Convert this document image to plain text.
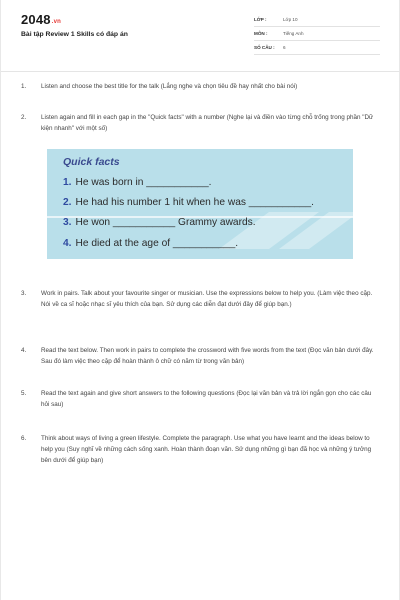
2048.vn
Bài tập Review 1 Skills có đáp án
LỚP :	Lớp 10
MÔN :	Tiếng Anh
SỐ CÂU : 6
1. Listen and choose the best title for the talk (Lắng nghe và chọn tiêu đề hay nhất cho bài nói)
2. Listen again and fill in each gap in the "Quick facts" with a number (Nghe lại và điền vào từng chỗ trống trong phần "Dữ kiện nhanh" với một số)
Quick facts
1. He was born in ___________.
2. He had his number 1 hit when he was ___________.
3. He won ___________ Grammy awards.
4. He died at the age of ___________.
3. Work in pairs. Talk about your favourite singer or musician. Use the expressions below to help you. (Làm việc theo cặp. Nói về ca sĩ hoặc nhạc sĩ yêu thích của bạn. Sử dụng các diễn đạt dưới đây để giúp bạn.)
4. Read the text below. Then work in pairs to complete the crossword with five words from the text (Đọc văn bản dưới đây. Sau đó làm việc theo cặp để hoàn thành ô chữ có năm từ trong văn bản)
5. Read the text again and give short answers to the following questions (Đọc lại văn bản và trả lời ngắn gọn cho các câu hỏi sau)
6. Think about ways of living a green lifestyle. Complete the paragraph. Use what you have learnt and the ideas below to help you (Suy nghĩ về những cách sống xanh. Hoàn thành đoạn văn. Sử dụng những gì bạn đã học và những ý tưởng bên dưới để giúp bạn)
